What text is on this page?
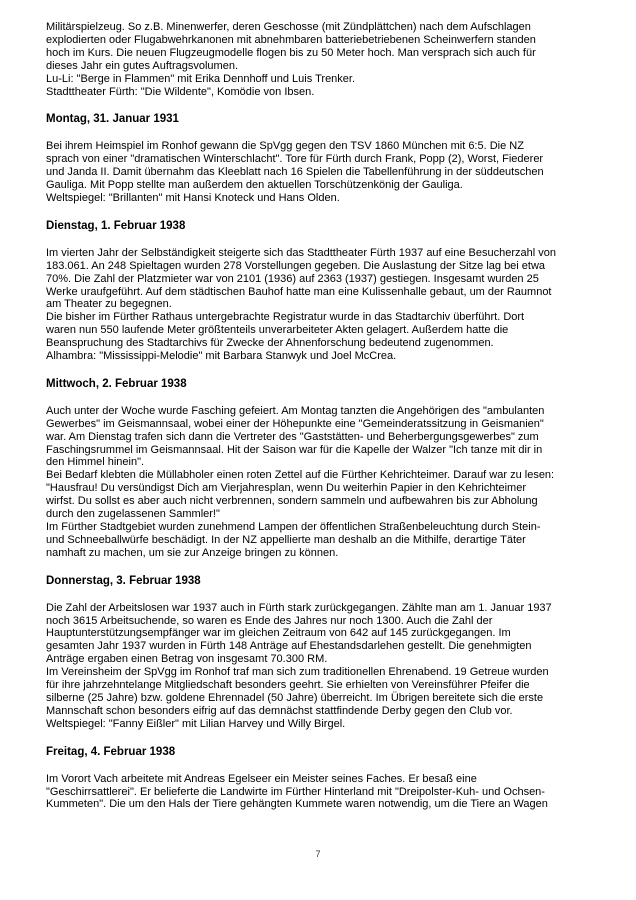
Militärspielzeug. So z.B. Minenwerfer, deren Geschosse (mit Zündplättchen) nach dem Aufschlagen
explodierten oder Flugabwehrkanonen mit abnehmbaren batteriebetriebenen Scheinwerfern standen
hoch im Kurs. Die neuen Flugzeugmodelle flogen bis zu 50 Meter hoch. Man versprach sich auch für
dieses Jahr ein gutes Auftragsvolumen.
Lu-Li: "Berge in Flammen" mit Erika Dennhoff und Luis Trenker.
Stadttheater Fürth: "Die Wildente", Komödie von Ibsen.

Montag, 31. Januar 1931

Bei ihrem Heimspiel im Ronhof gewann die SpVgg gegen den TSV 1860 München mit 6:5. Die NZ
sprach von einer "dramatischen Winterschlacht". Tore für Fürth durch Frank, Popp (2), Worst, Fiederer
und Janda II. Damit übernahm das Kleeblatt nach 16 Spielen die Tabellenführung in der süddeutschen
Gauliga. Mit Popp stellte man außerdem den aktuellen Torschützenkönig der Gauliga.
Weltspiegel: "Brillanten" mit Hansi Knoteck und Hans Olden.

Dienstag, 1. Februar 1938

Im vierten Jahr der Selbständigkeit steigerte sich das Stadttheater Fürth 1937 auf eine Besucherzahl von
183.061. An 248 Spieltagen wurden 278 Vorstellungen gegeben. Die Auslastung der Sitze lag bei etwa
70%. Die Zahl der Platzmieter war von 2101 (1936) auf 2363 (1937) gestiegen. Insgesamt wurden 25
Werke uraufgeführt. Auf dem städtischen Bauhof hatte man eine Kulissenhalle gebaut, um der Raumnot
am Theater zu begegnen.
Die bisher im Fürther Rathaus untergebrachte Registratur wurde in das Stadtarchiv überführt. Dort
waren nun 550 laufende Meter größtenteils unverarbeiteter Akten gelagert. Außerdem hatte die
Beanspruchung des Stadtarchivs für Zwecke der Ahnenforschung bedeutend zugenommen.
Alhambra: "Mississippi-Melodie" mit Barbara Stanwyk und Joel McCrea.

Mittwoch, 2. Februar 1938

Auch unter der Woche wurde Fasching gefeiert. Am Montag tanzten die Angehörigen des "ambulanten
Gewerbes" im Geismannsaal, wobei einer der Höhepunkte eine "Gemeinderatssitzung in Geismanien"
war. Am Dienstag trafen sich dann die Vertreter des "Gaststätten- und Beherbergungsgewerbes" zum
Faschingsrummel im Geismannsaal. Hit der Saison war für die Kapelle der Walzer "Ich tanze mit dir in
den Himmel hinein".
Bei Bedarf klebten die Müllabholer einen roten Zettel auf die Fürther Kehrichteimer. Darauf war zu lesen:
"Hausfrau! Du versündigst Dich am Vierjahresplan, wenn Du weiterhin Papier in den Kehrichteimer
wirfst. Du sollst es aber auch nicht verbrennen, sondern sammeln und aufbewahren bis zur Abholung
durch den zugelassenen Sammler!"
Im Fürther Stadtgebiet wurden zunehmend Lampen der öffentlichen Straßenbeleuchtung durch Stein-
und Schneeballwürfe beschädigt. In der NZ appellierte man deshalb an die Mithilfe, derartige Täter
namhaft zu machen, um sie zur Anzeige bringen zu können.

Donnerstag, 3. Februar 1938

Die Zahl der Arbeitslosen war 1937 auch in Fürth stark zurückgegangen. Zählte man am 1. Januar 1937
noch 3615 Arbeitsuchende, so waren es Ende des Jahres nur noch 1300. Auch die Zahl der
Hauptunterstützungsempfänger war im gleichen Zeitraum von 642 auf 145 zurückgegangen. Im
gesamten Jahr 1937 wurden in Fürth 148 Anträge auf Ehestandsdarlehen gestellt. Die genehmigten
Anträge ergaben einen Betrag von insgesamt 70.300 RM.
Im Vereinsheim der SpVgg im Ronhof traf man sich zum traditionellen Ehrenabend. 19 Getreue wurden
für ihre jahrzehntelange Mitgliedschaft besonders geehrt. Sie erhielten von Vereinsführer Pfeifer die
silberne (25 Jahre) bzw. goldene Ehrennadel (50 Jahre) überreicht. Im Übrigen bereitete sich die erste
Mannschaft schon besonders eifrig auf das demnächst stattfindende Derby gegen den Club vor.
Weltspiegel: "Fanny Eißler" mit Lilian Harvey und Willy Birgel.

Freitag, 4. Februar 1938

Im Vorort Vach arbeitete mit Andreas Egelseer ein Meister seines Faches. Er besaß eine
"Geschirrsattlerei". Er belieferte die Landwirte im Fürther Hinterland mit "Dreipolster-Kuh- und Ochsen-
Kummeten". Die um den Hals der Tiere gehängten Kummete waren notwendig, um die Tiere an Wagen

7
